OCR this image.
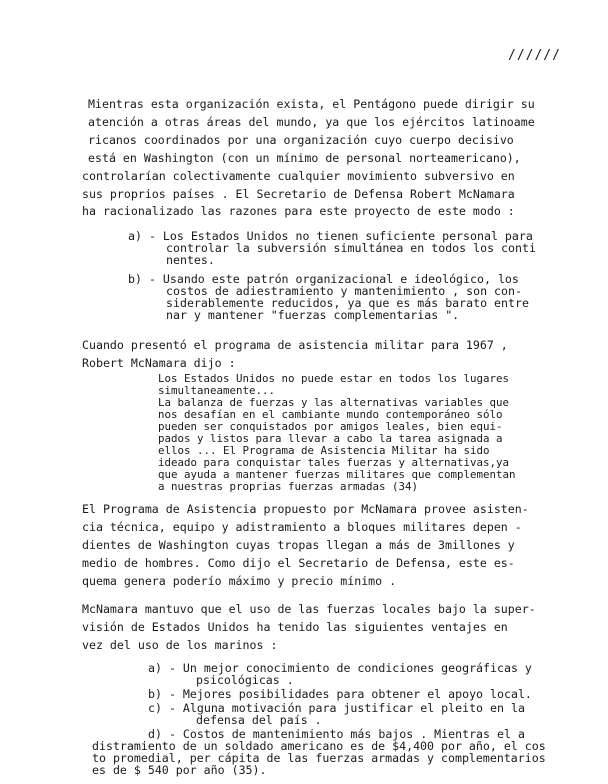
//////
Mientras esta organización exista, el Pentágono puede dirigir su
atención a otras áreas del mundo, ya que los ejércitos latinoame
ricanos coordinados por una organización cuyo cuerpo decisivo
está en Washington (con un mínimo de personal norteamericano),
controlarían colectivamente cualquier movimiento subversivo en
sus proprios países . El Secretario de Defensa Robert McNamara
ha racionalizado las razones para este proyecto de este modo :
a) - Los Estados Unidos no tienen suficiente personal para
controlar la subversión simultánea en todos los conti
nentes.
b) - Usando este patrón organizacional e ideológico, los
costos de adiestramiento y mantenimiento , son con-
siderablemente reducidos, ya que es más barato entre
nar y mantener "fuerzas complementarias ".
Cuando presentó el programa de asistencia militar para 1967 ,
Robert McNamara dijo :
Los Estados Unidos no puede estar en todos los lugares
simultaneamente...
La balanza de fuerzas y las alternativas variables que
nos desafían en el cambiante mundo contemporáneo sólo
pueden ser conquistados por amigos leales, bien equi-
pados y listos para llevar a cabo la tarea asignada a
ellos ... El Programa de Asistencia Militar ha sido
ideado para conquistar tales fuerzas y alternativas,ya
que ayuda a mantener fuerzas militares que complementan
a nuestras proprias fuerzas armadas (34)
El Programa de Asistencia propuesto por McNamara provee asisten-
cia técnica, equipo y adistramiento a bloques militares depen -
dientes de Washington cuyas tropas llegan a más de 3millones y
medio de hombres. Como dijo el Secretario de Defensa, este es-
quema genera poderío máximo y precio mínimo .
McNamara mantuvo que el uso de las fuerzas locales bajo la super-
visión de Estados Unidos ha tenido las siguientes ventajes en
vez del uso de los marinos :
a) - Un mejor conocimiento de condiciones geográficas y
psicológicas .
b) - Mejores posibilidades para obtener el apoyo local.
c) - Alguna motivación para justificar el pleito en la
defensa del país .
d) - Costos de mantenimiento más bajos . Mientras el a
distramiento de un soldado americano es de $4,400 por año, el cos
to promedial, per cápita de las fuerzas armadas y complementarios
es de $ 540 por año (35).
